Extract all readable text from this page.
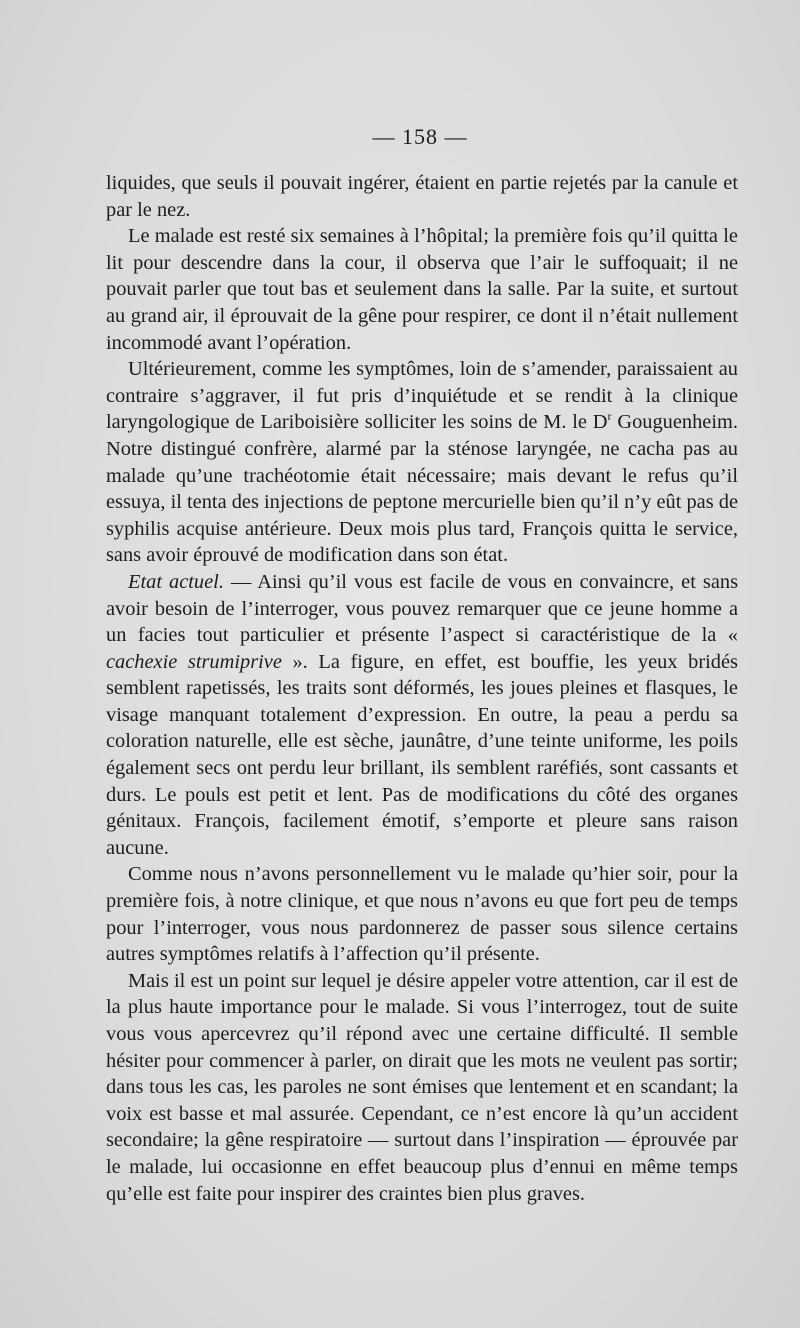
— 158 —

liquides, que seuls il pouvait ingérer, étaient en partie rejetés par la canule et par le nez.

Le malade est resté six semaines à l’hôpital; la première fois qu’il quitta le lit pour descendre dans la cour, il observa que l’air le suffoquait; il ne pouvait parler que tout bas et seulement dans la salle. Par la suite, et surtout au grand air, il éprouvait de la gêne pour respirer, ce dont il n’était nullement incommodé avant l’opération.

Ultérieurement, comme les symptômes, loin de s’amender, paraissaient au contraire s’aggraver, il fut pris d’inquiétude et se rendit à la clinique laryngologique de Lariboisière solliciter les soins de M. le $D^r$ Gouguenheim. Notre distingué confrère, alarmé par la sténose laryngée, ne cacha pas au malade qu’une trachéotomie était nécessaire; mais devant le refus qu’il essuya, il tenta des injections de peptone mercurielle bien qu’il n’y eût pas de syphilis acquise antérieure. Deux mois plus tard, François quitta le service, sans avoir éprouvé de modification dans son état.

Etat actuel. — Ainsi qu’il vous est facile de vous en convaincre, et sans avoir besoin de l’interroger, vous pouvez remarquer que ce jeune homme a un facies tout particulier et présente l’aspect si caractéristique de la « cachexie strumiprive ». La figure, en effet, est bouffie, les yeux bridés semblent rapetissés, les traits sont déformés, les joues pleines et flasques, le visage manquant totalement d’expression. En outre, la peau a perdu sa coloration naturelle, elle est sèche, jaunâtre, d’une teinte uniforme, les poils également secs ont perdu leur brillant, ils semblent raréfiés, sont cassants et durs. Le pouls est petit et lent. Pas de modifications du côté des organes génitaux. François, facilement émotif, s’emporte et pleure sans raison aucune.

Comme nous n’avons personnellement vu le malade qu’hier soir, pour la première fois, à notre clinique, et que nous n’avons eu que fort peu de temps pour l’interroger, vous nous pardonnerez de passer sous silence certains autres symptômes relatifs à l’affection qu’il présente.

Mais il est un point sur lequel je désire appeler votre attention, car il est de la plus haute importance pour le malade. Si vous l’interrogez, tout de suite vous vous apercevrez qu’il répond avec une certaine difficulté. Il semble hésiter pour commencer à parler, on dirait que les mots ne veulent pas sortir; dans tous les cas, les paroles ne sont émises que lentement et en scandant; la voix est basse et mal assurée. Cependant, ce n’est encore là qu’un accident secondaire; la gêne respiratoire — surtout dans l’inspiration — éprouvée par le malade, lui occasionne en effet beaucoup plus d’ennui en même temps qu’elle est faite pour inspirer des craintes bien plus graves.
